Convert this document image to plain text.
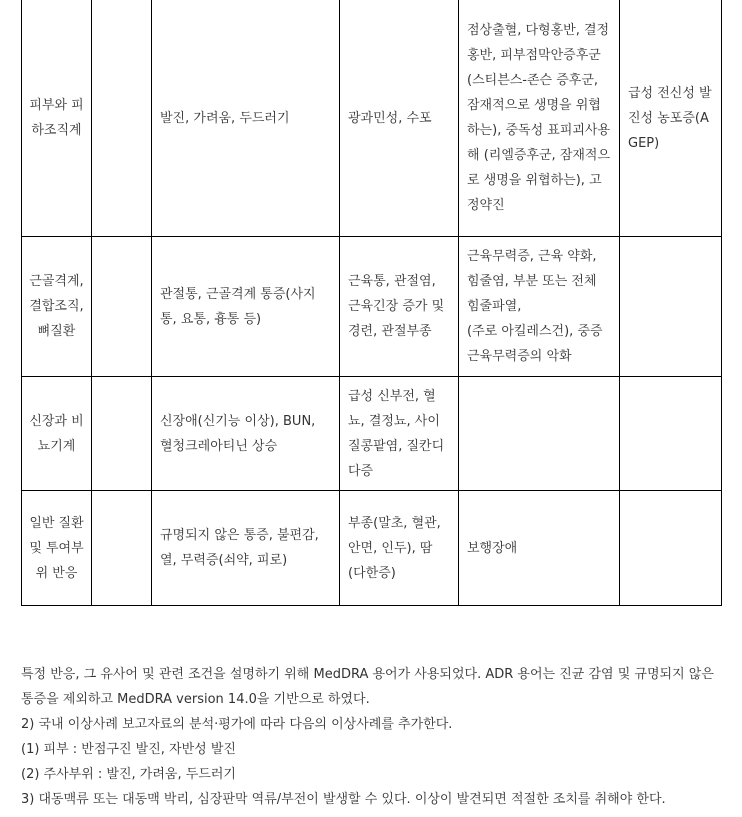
피부와 피하조직계		발진, 가려움, 두드러기	광과민성, 수포	점상출혈, 다형홍반, 결정홍반, 피부점막안증후군(스티븐스-존슨 증후군, 잠재적으로 생명을 위협하는), 중독성 표피괴사용해 (리엘증후군, 잠재적으로 생명을 위협하는), 고정약진	급성 전신성 발진성 농포증(AGEP)
근골격계, 결합조직, 뼈질환		관절통, 근골격계 통증(사지통, 요통, 흉통 등)	근육통, 관절염, 근육긴장 증가 및 경련, 관절부종	근육무력증, 근육 약화, 힘줄염, 부분 또는 전체 힘줄파열,
(주로 아킬레스건), 중증 근육무력증의 악화	
신장과 비뇨기계		신장애(신기능 이상), BUN, 혈청크레아티닌 상승	급성 신부전, 혈뇨, 결정뇨, 사이질콩팥염, 질칸디다증		
일반 질환 및 투여부위 반응		규명되지 않은 통증, 불편감, 열, 무력증(쇠약, 피로)	부종(말초, 혈관, 안면, 인두), 땀(다한증)	보행장애	

특정 반응, 그 유사어 및 관련 조건을 설명하기 위해 MedDRA 용어가 사용되었다. ADR 용어는 진균 감염 및 규명되지 않은 통증을 제외하고 MedDRA version 14.0을 기반으로 하였다.

2) 국내 이상사례 보고자료의 분석·평가에 따라 다음의 이상사례를 추가한다.

(1) 피부 : 반점구진 발진, 자반성 발진

(2) 주사부위 : 발진, 가려움, 두드러기

3) 대동맥류 또는 대동맥 박리, 심장판막 역류/부전이 발생할 수 있다. 이상이 발견되면 적절한 조치를 취해야 한다.
